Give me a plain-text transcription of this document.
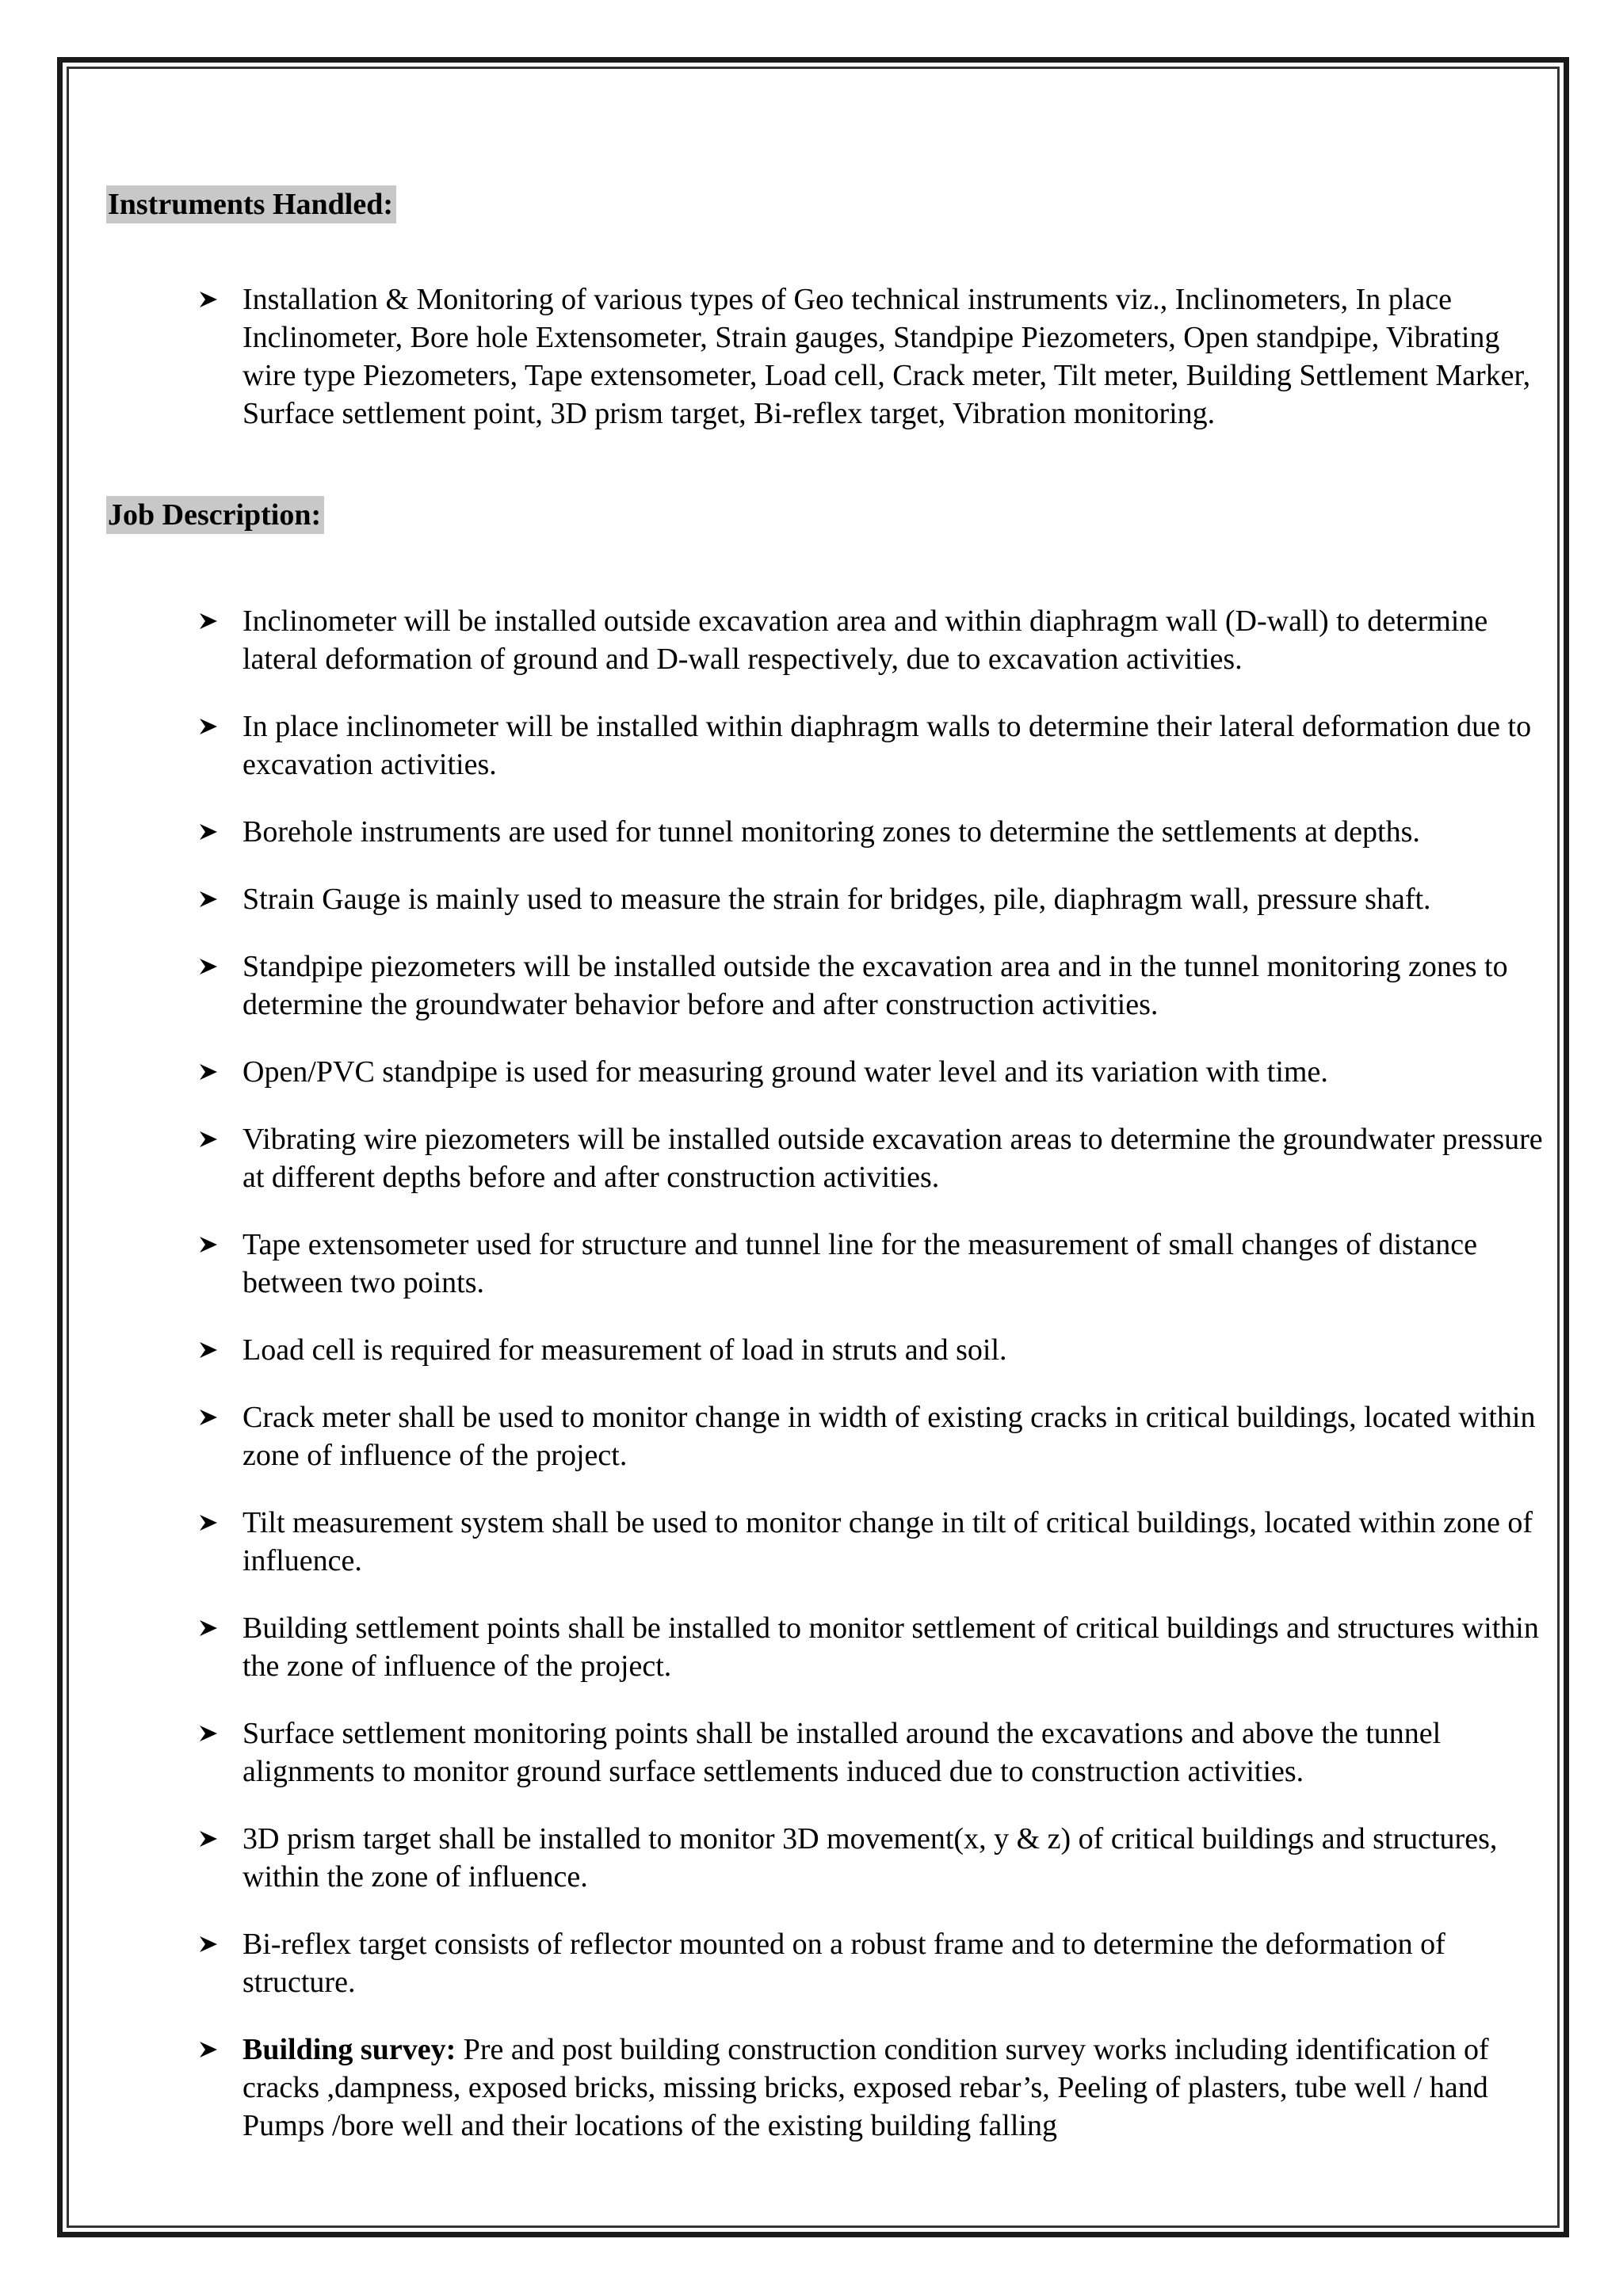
Instruments Handled:
Installation & Monitoring of various types of Geo technical instruments viz., Inclinometers, In place Inclinometer, Bore hole Extensometer, Strain gauges, Standpipe Piezometers, Open standpipe, Vibrating wire type Piezometers, Tape extensometer, Load cell, Crack meter, Tilt meter, Building Settlement Marker, Surface settlement point, 3D prism target, Bi-reflex target, Vibration monitoring.
Job Description:
Inclinometer will be installed outside excavation area and within diaphragm wall (D-wall) to determine lateral deformation of ground and D-wall respectively, due to excavation activities.
In place inclinometer will be installed within diaphragm walls to determine their lateral deformation due to excavation activities.
Borehole instruments are used for tunnel monitoring zones to determine the settlements at depths.
Strain Gauge is mainly used to measure the strain for bridges, pile, diaphragm wall, pressure shaft.
Standpipe piezometers will be installed outside the excavation area and in the tunnel monitoring zones to determine the groundwater behavior before and after construction activities.
Open/PVC standpipe is used for measuring ground water level and its variation with time.
Vibrating wire piezometers will be installed outside excavation areas to determine the groundwater pressure at different depths before and after construction activities.
Tape extensometer used for structure and tunnel line for the measurement of small changes of distance between two points.
Load cell is required for measurement of load in struts and soil.
Crack meter shall be used to monitor change in width of existing cracks in critical buildings, located within zone of influence of the project.
Tilt measurement system shall be used to monitor change in tilt of critical buildings, located within zone of influence.
Building settlement points shall be installed to monitor settlement of critical buildings and structures within the zone of influence of the project.
Surface settlement monitoring points shall be installed around the excavations and above the tunnel alignments to monitor ground surface settlements induced due to construction activities.
3D prism target shall be installed to monitor 3D movement(x, y & z) of critical buildings and structures, within the zone of influence.
Bi-reflex target consists of reflector mounted on a robust frame and to determine the deformation of structure.
Building survey: Pre and post building construction condition survey works including identification of cracks ,dampness, exposed bricks, missing bricks, exposed rebar’s, Peeling of plasters, tube well / hand Pumps /bore well and their locations of the existing building falling
